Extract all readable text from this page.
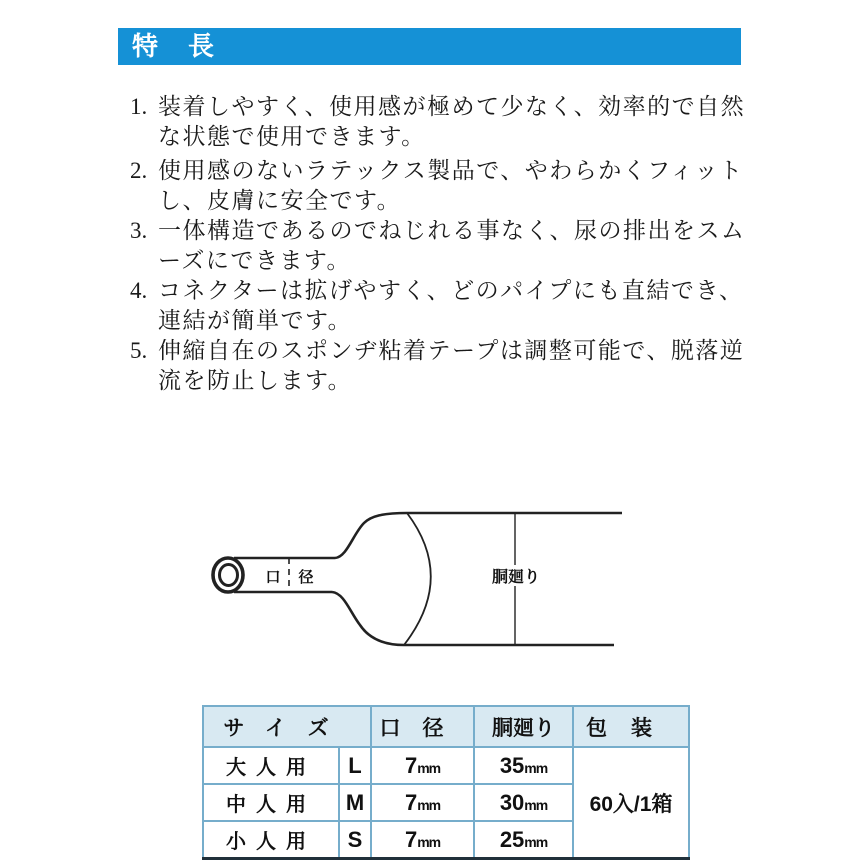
特長
1. 装着しやすく、使用感が極めて少なく、効率的で自然
な状態で使用できます。
2. 使用感のないラテックス製品で、やわらかくフィット
し、皮膚に安全です。
3. 一体構造であるのでねじれる事なく、尿の排出をスム
ーズにできます。
4. コネクターは拡げやすく、どのパイプにも直結でき、
連結が簡単です。
5. 伸縮自在のスポンヂ粘着テープは調整可能で、脱落逆
流を防止します。
口 径	胴廻り
サイズ		口径	胴廻り	包装
大人用	L	7mm	35mm	60入/1箱
中人用	M	7mm	30mm	
小人用	S	7mm	25mm	
